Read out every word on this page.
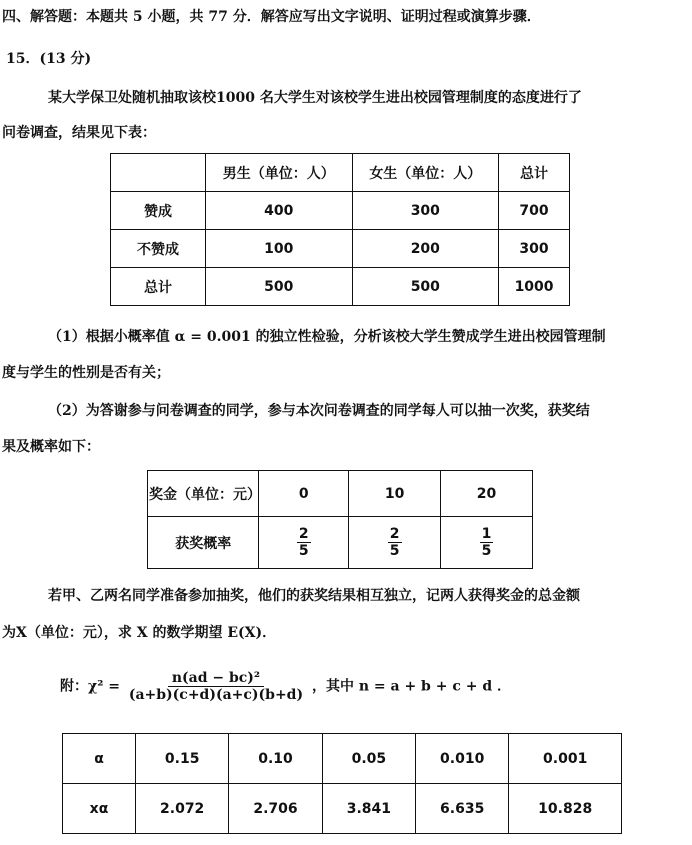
四、解答题：本题共 5 小题，共 77 分．解答应写出文字说明、证明过程或演算步骤．
15．(13 分)
某大学保卫处随机抽取该校1000 名大学生对该校学生进出校园管理制度的态度进行了
问卷调查，结果见下表：
	男生（单位：人）	女生（单位：人）	总计
赞成	400	300	700
不赞成	100	200	300
总计	500	500	1000
（1）根据小概率值 α = 0.001 的独立性检验，分析该校大学生赞成学生进出校园管理制
度与学生的性别是否有关；
（2）为答谢参与问卷调查的同学，参与本次问卷调查的同学每人可以抽一次奖，获奖结
果及概率如下：
奖金（单位：元）	0	10	20
获奖概率	$\frac{2}{5}$	$\frac{2}{5}$	$\frac{1}{5}$
若甲、乙两名同学准备参加抽奖，他们的获奖结果相互独立，记两人获得奖金的总金额
为X（单位：元），求 X 的数学期望 E(X)．
附：$\chi^2 = \frac{\text{n(ad − bc)²}}{(a+b)(c+d)(a+c)(b+d)}$ ，其中 n = a + b + c + d ．
α	0.15	0.10	0.05	0.010	0.001
xα	2.072	2.706	3.841	6.635	10.828
